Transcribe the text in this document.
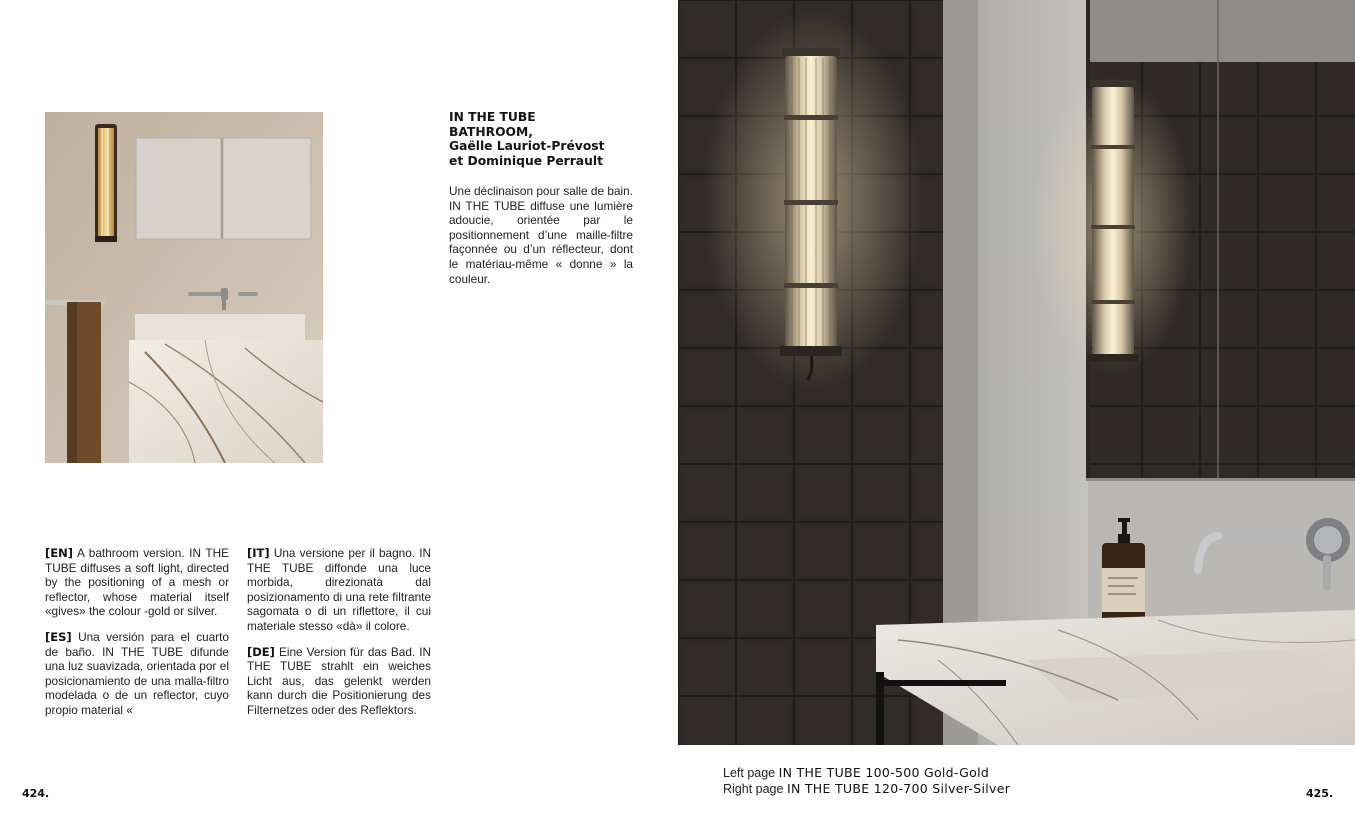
IN THE TUBE

BATHROOM,

Gaëlle Lauriot-Prévost

et Dominique Perrault

Une déclinaison pour salle de bain. IN THE TUBE diffuse une lumière adoucie, orientée par le positionnement d’une maille-filtre façonnée ou d’un réflecteur, dont le matériau-même « donne » la couleur.

[EN] A bathroom version. IN THE TUBE diffuses a soft light, directed by the positioning of a mesh or reflector, whose material itself «gives» the colour -gold or silver.

[ES] Una versión para el cuarto de baño. IN THE TUBE difunde una luz suavizada, orientada por el posicionamiento de una malla-filtro modelada o de un reflector, cuyo propio material «

[IT] Una versione per il bagno. IN THE TUBE diffonde una luce morbida, direzionata dal posizionamento di una rete filtrante sagomata o di un riflettore, il cui materiale stesso «dà» il colore.

[DE] Eine Version für das Bad. IN THE TUBE strahlt ein weiches Licht aus, das gelenkt werden kann durch die Positionierung des Filternetzes oder des Reflektors.

424.	425.

Left page IN THE TUBE 100-500 Gold-Gold

Right page IN THE TUBE 120-700 Silver-Silver
